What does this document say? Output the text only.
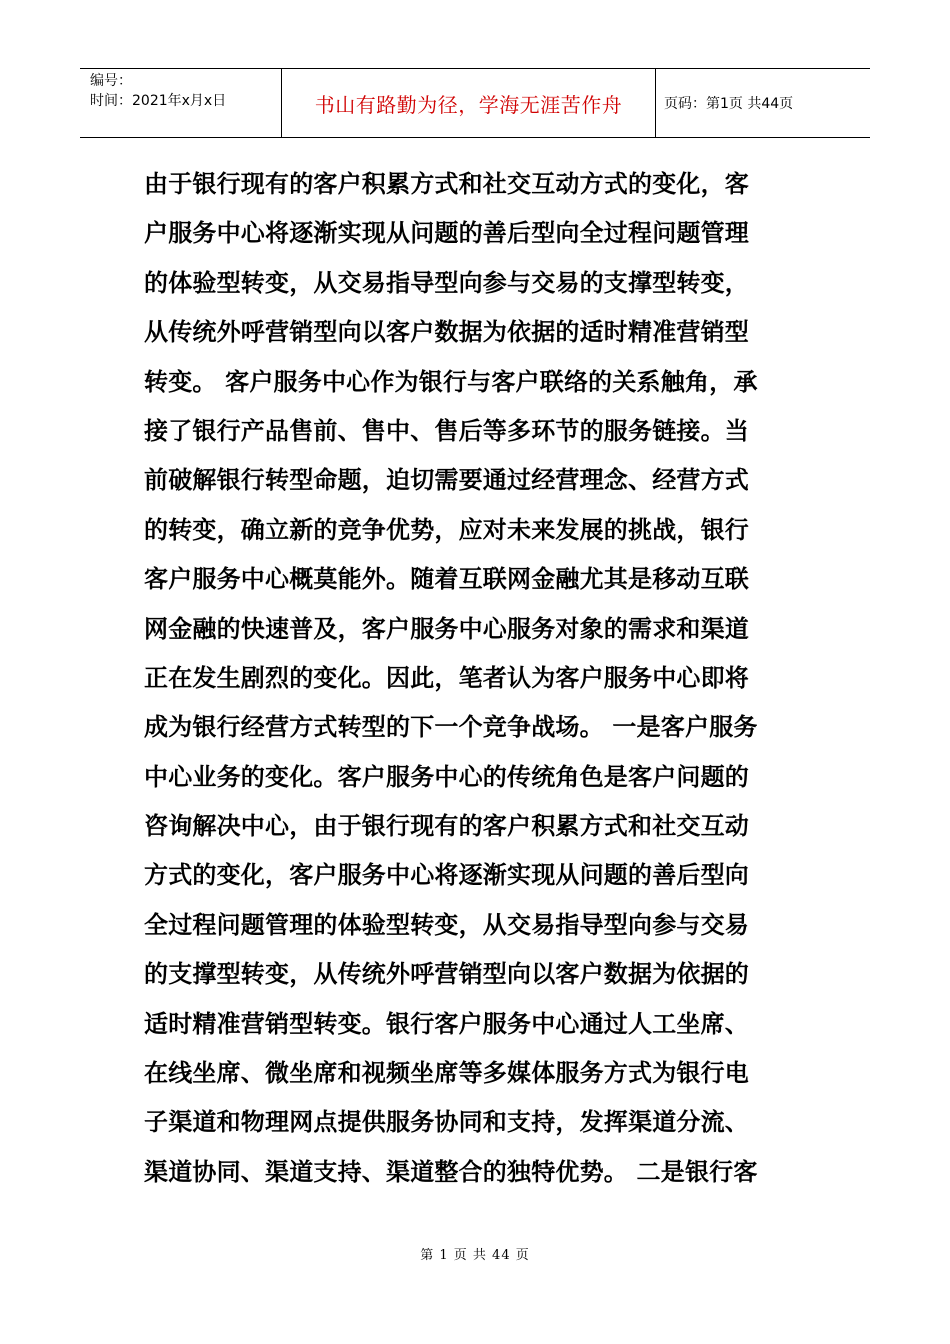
编号：
时间：2021年x月x日	书山有路勤为径，学海无涯苦作舟	页码：第1页 共44页
由于银行现有的客户积累方式和社交互动方式的变化，客
户服务中心将逐渐实现从问题的善后型向全过程问题管理
的体验型转变，从交易指导型向参与交易的支撑型转变，
从传统外呼营销型向以客户数据为依据的适时精准营销型
转变。 客户服务中心作为银行与客户联络的关系触角，承
接了银行产品售前、售中、售后等多环节的服务链接。当
前破解银行转型命题，迫切需要通过经营理念、经营方式
的转变，确立新的竞争优势，应对未来发展的挑战，银行
客户服务中心概莫能外。随着互联网金融尤其是移动互联
网金融的快速普及，客户服务中心服务对象的需求和渠道
正在发生剧烈的变化。因此，笔者认为客户服务中心即将
成为银行经营方式转型的下一个竞争战场。 一是客户服务
中心业务的变化。客户服务中心的传统角色是客户问题的
咨询解决中心，由于银行现有的客户积累方式和社交互动
方式的变化，客户服务中心将逐渐实现从问题的善后型向
全过程问题管理的体验型转变，从交易指导型向参与交易
的支撑型转变，从传统外呼营销型向以客户数据为依据的
适时精准营销型转变。银行客户服务中心通过人工坐席、
在线坐席、微坐席和视频坐席等多媒体服务方式为银行电
子渠道和物理网点提供服务协同和支持，发挥渠道分流、
渠道协同、渠道支持、渠道整合的独特优势。 二是银行客
第 1 页 共 44 页
